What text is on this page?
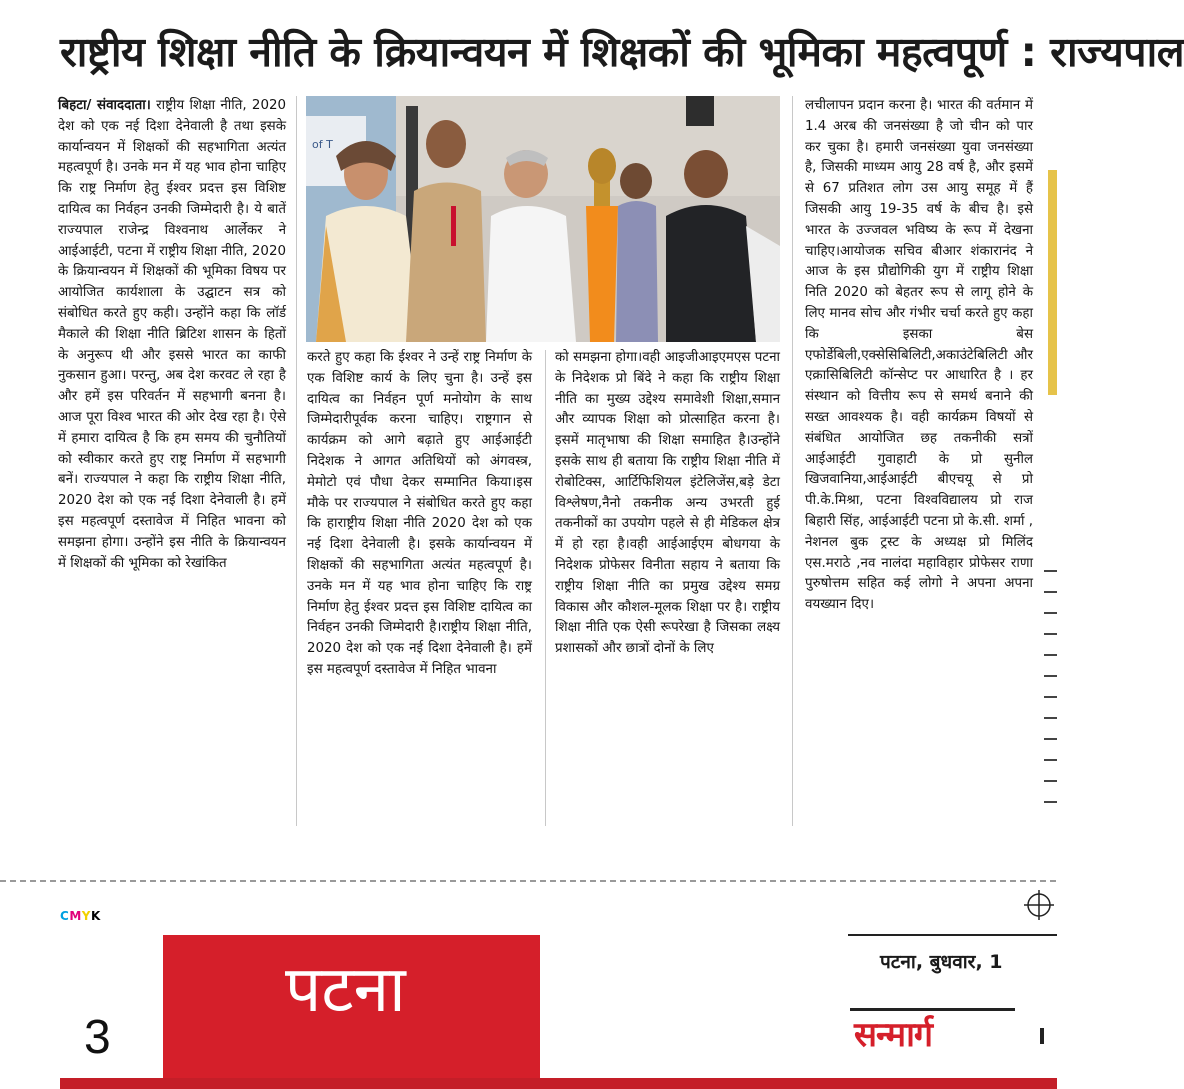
राष्ट्रीय शिक्षा नीति के क्रियान्वयन में शिक्षकों की भूमिका महत्वपूर्ण : राज्यपाल

बिहटा/ संवाददाता। राष्ट्रीय शिक्षा नीति, 2020 देश को एक नई दिशा देनेवाली है तथा इसके कार्यान्वयन में शिक्षकों की सहभागिता अत्यंत महत्वपूर्ण है। उनके मन में यह भाव होना चाहिए कि राष्ट्र निर्माण हेतु ईश्वर प्रदत्त इस विशिष्ट दायित्व का निर्वहन उनकी जिम्मेदारी है। ये बातें राज्यपाल राजेन्द्र विश्वनाथ आर्लेकर ने आईआईटी, पटना में राष्ट्रीय शिक्षा नीति, 2020 के क्रियान्वयन में शिक्षकों की भूमिका विषय पर आयोजित कार्यशाला के उद्घाटन सत्र को संबोधित करते हुए कही। उन्होंने कहा कि लॉर्ड मैकाले की शिक्षा नीति ब्रिटिश शासन के हितों के अनुरूप थी और इससे भारत का काफी नुकसान हुआ। परन्तु, अब देश करवट ले रहा है और हमें इस परिवर्तन में सहभागी बनना है। आज पूरा विश्व भारत की ओर देख रहा है। ऐसे में हमारा दायित्व है कि हम समय की चुनौतियों को स्वीकार करते हुए राष्ट्र निर्माण में सहभागी बनें। राज्यपाल ने कहा कि राष्ट्रीय शिक्षा नीति, 2020 देश को एक नई दिशा देनेवाली है। हमें इस महत्वपूर्ण दस्तावेज में निहित भावना को समझना होगा। उन्होंने इस नीति के क्रियान्वयन में शिक्षकों की भूमिका को रेखांकित

of T

करते हुए कहा कि ईश्वर ने उन्हें राष्ट्र निर्माण के एक विशिष्ट कार्य के लिए चुना है। उन्हें इस दायित्व का निर्वहन पूर्ण मनोयोग के साथ जिम्मेदारीपूर्वक करना चाहिए। राष्ट्रगान से कार्यक्रम को आगे बढ़ाते हुए आईआईटी निदेशक ने आगत अतिथियों को अंगवस्त्र, मेमोटो एवं पौधा देकर सम्मानित किया।इस मौके पर राज्यपाल ने संबोधित करते हुए कहा कि हाराष्ट्रीय शिक्षा नीति 2020 देश को एक नई दिशा देनेवाली है। इसके कार्यान्वयन में शिक्षकों की सहभागिता अत्यंत महत्वपूर्ण है। उनके मन में यह भाव होना चाहिए कि राष्ट्र निर्माण हेतु ईश्वर प्रदत्त इस विशिष्ट दायित्व का निर्वहन उनकी जिम्मेदारी है।राष्ट्रीय शिक्षा नीति, 2020 देश को एक नई दिशा देनेवाली है। हमें इस महत्वपूर्ण दस्तावेज में निहित भावना

को समझना होगा।वही आइजीआइएमएस पटना के निदेशक प्रो बिंदे ने कहा कि राष्ट्रीय शिक्षा नीति का मुख्य उद्देश्य समावेशी शिक्षा,समान और व्यापक शिक्षा को प्रोत्साहित करना है। इसमें मातृभाषा की शिक्षा समाहित है।उन्होंने इसके साथ ही बताया कि राष्ट्रीय शिक्षा नीति में रोबोटिक्स, आर्टिफिशियल इंटेलिजेंस,बड़े डेटा विश्लेषण,नैनो तकनीक अन्य उभरती हुई तकनीकों का उपयोग पहले से ही मेडिकल क्षेत्र में हो रहा है।वही आईआईएम बोधगया के निदेशक प्रोफेसर विनीता सहाय ने बताया कि राष्ट्रीय शिक्षा नीति का प्रमुख उद्देश्य समग्र विकास और कौशल-मूलक शिक्षा पर है। राष्ट्रीय शिक्षा नीति एक ऐसी रूपरेखा है जिसका लक्ष्य प्रशासकों और छात्रों दोनों के लिए

लचीलापन प्रदान करना है। भारत की वर्तमान में 1.4 अरब की जनसंख्या है जो चीन को पार कर चुका है। हमारी जनसंख्या युवा जनसंख्या है, जिसकी माध्यम आयु 28 वर्ष है, और इसमें से 67 प्रतिशत लोग उस आयु समूह में हैं जिसकी आयु 19-35 वर्ष के बीच है। इसे भारत के उज्जवल भविष्य के रूप में देखना चाहिए।आयोजक सचिव बीआर शंकारानंद ने आज के इस प्रौद्योगिकी युग में राष्ट्रीय शिक्षा निति 2020 को बेहतर रूप से लागू होने के लिए मानव सोच और गंभीर चर्चा करते हुए कहा कि इसका बेस एफोर्डेबिली,एक्सेसिबिलिटी,अकाउंटेबिलिटी और एक्रासिबिलिटी कॉन्सेप्ट पर आधारित है । हर संस्थान को वित्तीय रूप से समर्थ बनाने की सख्त आवश्यक है। वही कार्यक्रम विषयों से संबंधित आयोजित छह तकनीकी सत्रों आईआईटी गुवाहाटी के प्रो सुनील खिजवानिया,आईआईटी बीएचयू से प्रो पी.के.मिश्रा, पटना विश्वविद्यालय प्रो राज बिहारी सिंह, आईआईटी पटना प्रो के.सी. शर्मा , नेशनल बुक ट्रस्ट के अध्यक्ष प्रो मिलिंद एस.मराठे ,नव नालंदा महाविहार प्रोफेसर राणा पुरुषोत्तम सहित कई लोगो ने अपना अपना वयख्यान दिए।

CMYK
पटना
3
पटना, बुधवार, 1
सन्मार्ग
